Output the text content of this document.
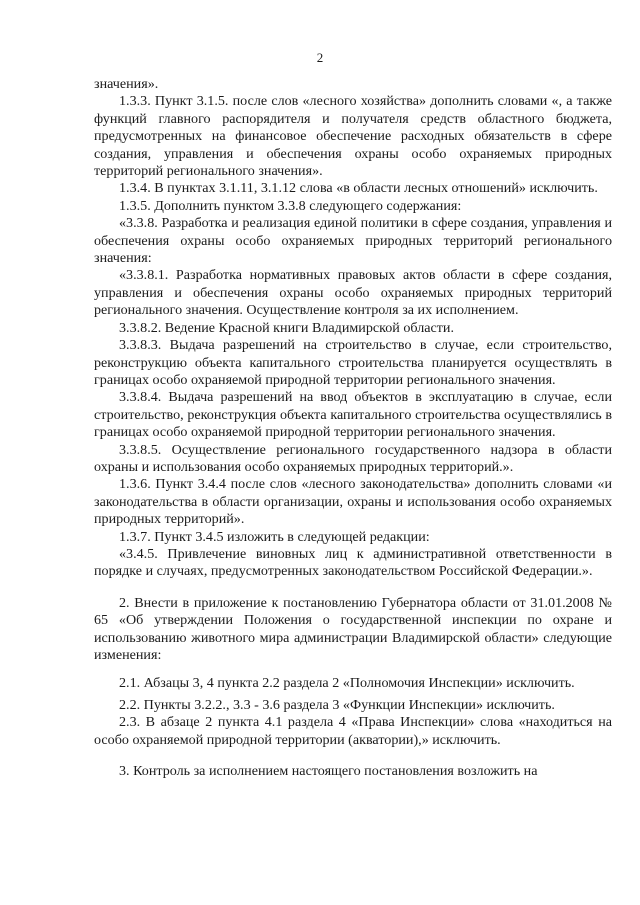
2

значения».

1.3.3. Пункт 3.1.5. после слов «лесного хозяйства» дополнить словами «, а также функций главного распорядителя и получателя средств областного бюджета, предусмотренных на финансовое обеспечение расходных обязательств в сфере создания, управления и обеспечения охраны особо охраняемых природных территорий регионального значения».

1.3.4. В пунктах 3.1.11, 3.1.12 слова «в области лесных отношений» исключить.

1.3.5. Дополнить пунктом 3.3.8 следующего содержания:

«3.3.8. Разработка и реализация единой политики в сфере создания, управления и обеспечения охраны особо охраняемых природных территорий регионального значения:

«3.3.8.1. Разработка нормативных правовых актов области в сфере создания, управления и обеспечения охраны особо охраняемых природных территорий регионального значения. Осуществление контроля за их исполнением.

3.3.8.2. Ведение Красной книги Владимирской области.

3.3.8.3. Выдача разрешений на строительство в случае, если строительство, реконструкцию объекта капитального строительства планируется осуществлять в границах особо охраняемой природной территории регионального значения.

3.3.8.4. Выдача разрешений на ввод объектов в эксплуатацию в случае, если строительство, реконструкция объекта капитального строительства осуществлялись в границах особо охраняемой природной территории регионального значения.

3.3.8.5. Осуществление регионального государственного надзора в области охраны и использования особо охраняемых природных территорий.».

1.3.6. Пункт 3.4.4 после слов «лесного законодательства» дополнить словами «и законодательства в области организации, охраны и использования особо охраняемых природных территорий».

1.3.7. Пункт 3.4.5 изложить в следующей редакции:

«3.4.5. Привлечение виновных лиц к административной ответственности в порядке и случаях, предусмотренных законодательством Российской Федерации.».

2. Внести в приложение к постановлению Губернатора области от 31.01.2008 № 65 «Об утверждении Положения о государственной инспекции по охране и использованию животного мира администрации Владимирской области» следующие изменения:

2.1. Абзацы 3, 4 пункта 2.2 раздела 2 «Полномочия Инспекции» исключить.

2.2. Пункты 3.2.2., 3.3 - 3.6 раздела 3 «Функции Инспекции» исключить.

2.3. В абзаце 2 пункта 4.1 раздела 4 «Права Инспекции» слова «находиться на особо охраняемой природной территории (акватории),» исключить.

3. Контроль за исполнением настоящего постановления возложить на
